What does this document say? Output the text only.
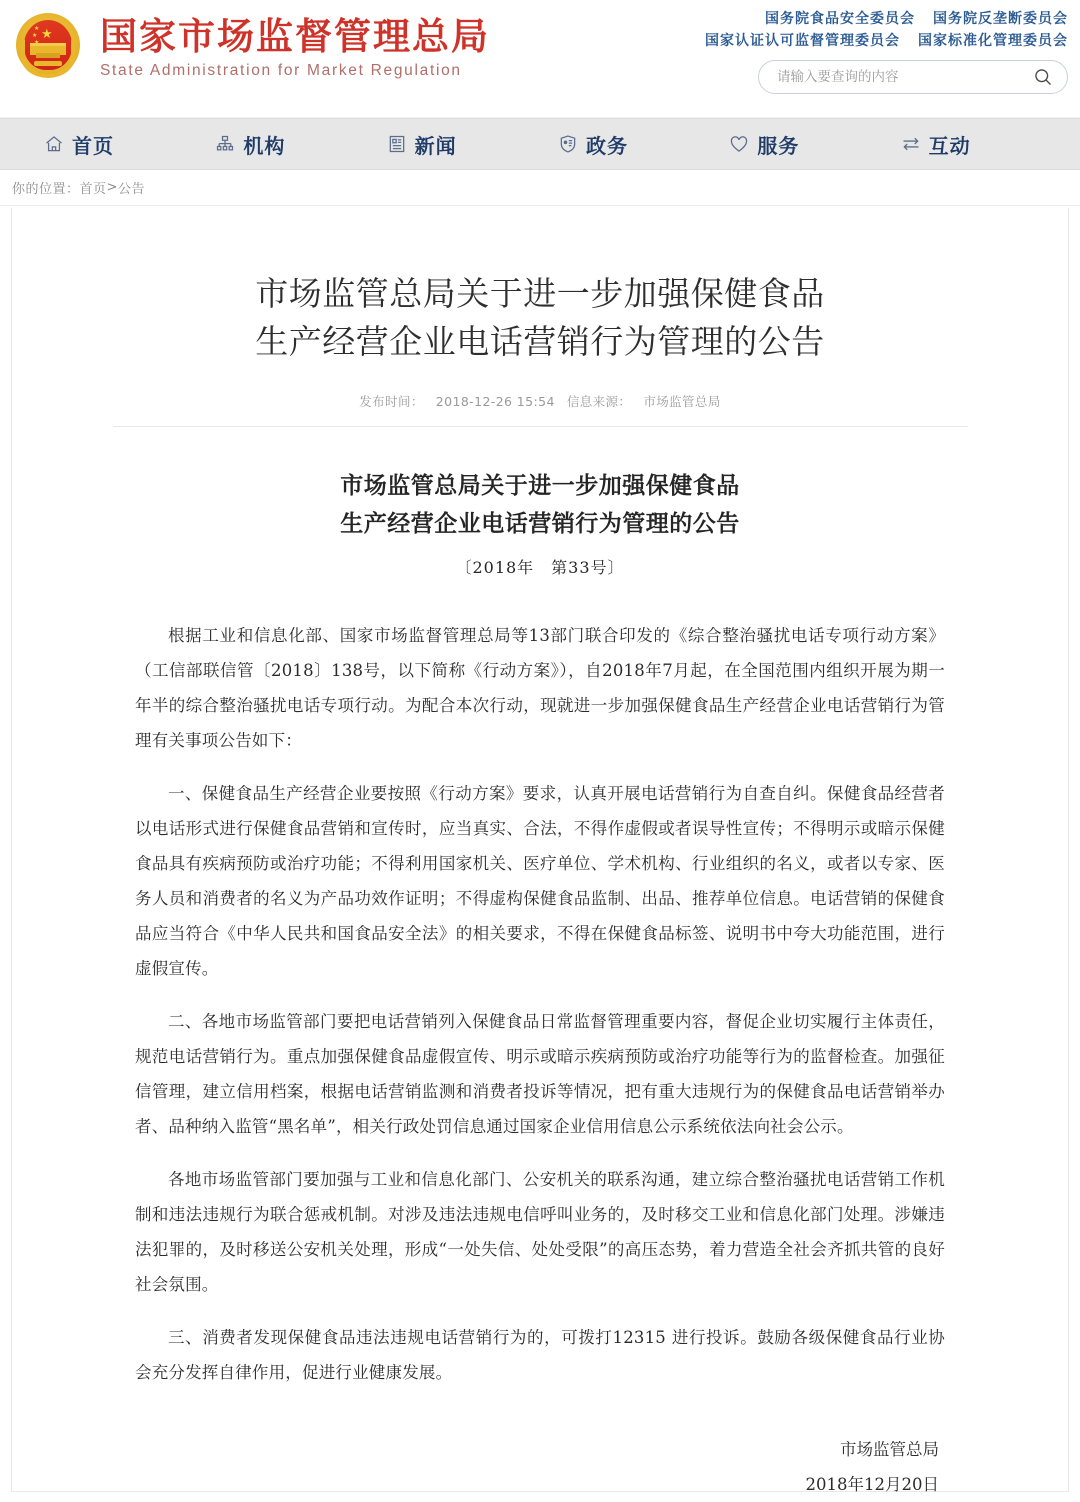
★
★
★ 国家市场监督管理总局
State Administration for Market Regulation
国务院食品安全委员会 国务院反垄断委员会
国家认证认可监督管理委员会 国家标准化管理委员会
请输入要查询的内容
首页	机构	新闻	政务	服务	互动
你的位置： 首页 > 公告
市场监管总局关于进一步加强保健食品
生产经营企业电话营销行为管理的公告
发布时间： 2018-12-26 15:54 信息来源： 市场监管总局
市场监管总局关于进一步加强保健食品
生产经营企业电话营销行为管理的公告
〔2018年　第33号〕

根据工业和信息化部、国家市场监督管理总局等13部门联合印发的《综合整治骚扰电话专项行动方案》（工信部联信管〔2018〕138号，以下简称《行动方案》），自2018年7月起，在全国范围内组织开展为期一年半的综合整治骚扰电话专项行动。为配合本次行动，现就进一步加强保健食品生产经营企业电话营销行为管理有关事项公告如下：

一、保健食品生产经营企业要按照《行动方案》要求，认真开展电话营销行为自查自纠。保健食品经营者以电话形式进行保健食品营销和宣传时，应当真实、合法，不得作虚假或者误导性宣传；不得明示或暗示保健食品具有疾病预防或治疗功能；不得利用国家机关、医疗单位、学术机构、行业组织的名义，或者以专家、医务人员和消费者的名义为产品功效作证明；不得虚构保健食品监制、出品、推荐单位信息。电话营销的保健食品应当符合《中华人民共和国食品安全法》的相关要求，不得在保健食品标签、说明书中夸大功能范围，进行虚假宣传。

二、各地市场监管部门要把电话营销列入保健食品日常监督管理重要内容，督促企业切实履行主体责任，规范电话营销行为。重点加强保健食品虚假宣传、明示或暗示疾病预防或治疗功能等行为的监督检查。加强征信管理，建立信用档案，根据电话营销监测和消费者投诉等情况，把有重大违规行为的保健食品电话营销举办者、品种纳入监管“黑名单”，相关行政处罚信息通过国家企业信用信息公示系统依法向社会公示。

各地市场监管部门要加强与工业和信息化部门、公安机关的联系沟通，建立综合整治骚扰电话营销工作机制和违法违规行为联合惩戒机制。对涉及违法违规电信呼叫业务的，及时移交工业和信息化部门处理。涉嫌违法犯罪的，及时移送公安机关处理，形成“一处失信、处处受限”的高压态势，着力营造全社会齐抓共管的良好社会氛围。

三、消费者发现保健食品违法违规电话营销行为的，可拨打12315 进行投诉。鼓励各级保健食品行业协会充分发挥自律作用，促进行业健康发展。

市场监管总局
2018年12月20日
